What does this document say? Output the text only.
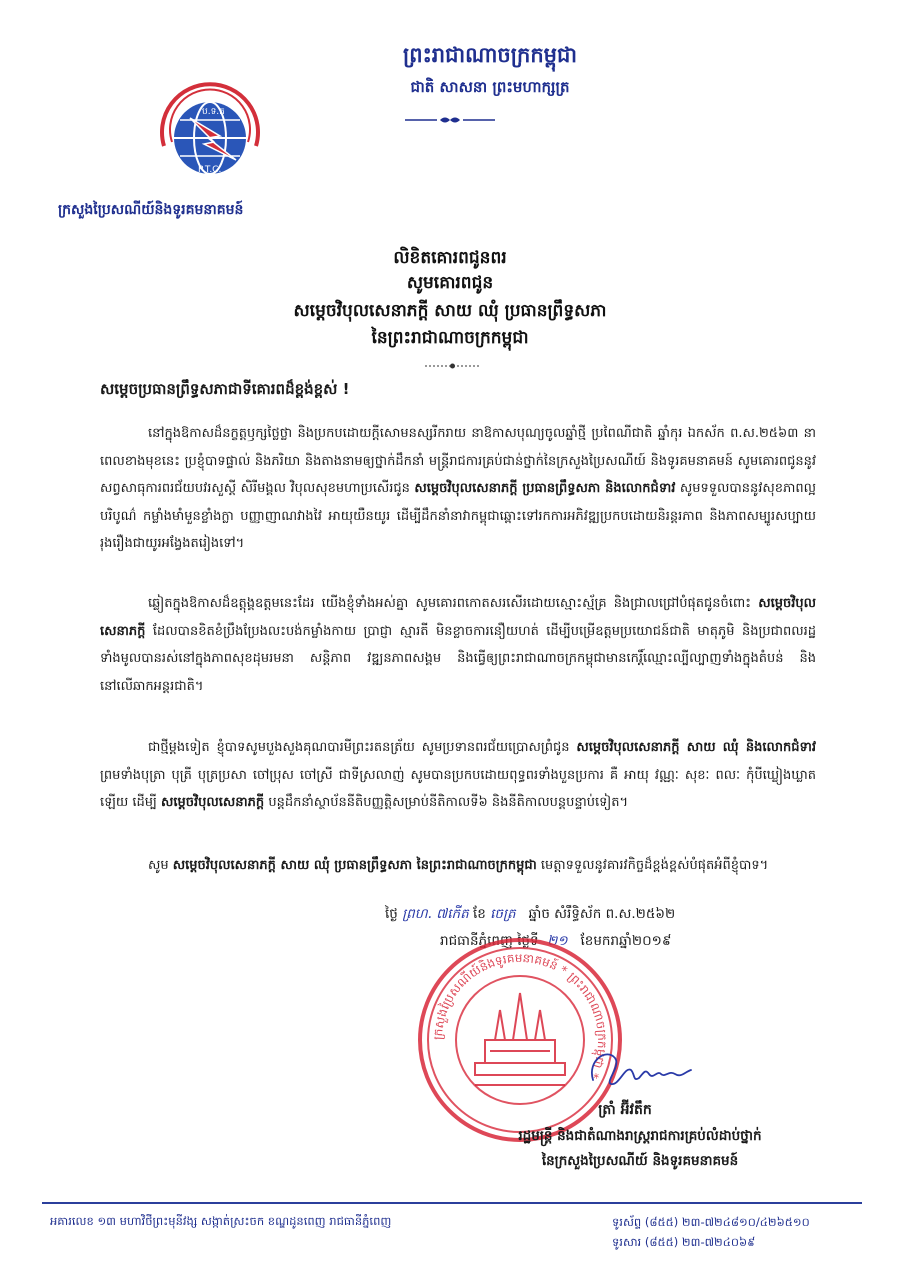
ព្រះរាជាណាចក្រកម្ពុជា
ជាតិ សាសនា ព្រះមហាក្សត្រ
ប.ទ.ក
P.T.C.
ក្រសួងប្រៃសណីយ៍និងទូរគមនាគមន៍
លិខិតគោរពជូនពរ
សូមគោរពជូន
សម្តេចវិបុលសេនាភក្តី សាយ ឈុំ ប្រធានព្រឹទ្ធសភា
នៃព្រះរាជាណាចក្រកម្ពុជា
សម្តេចប្រធានព្រឹទ្ធសភាជាទីគោរពដ៏ខ្ពង់ខ្ពស់ !
នៅក្នុងឱកាសដ៏នក្ខត្តឫក្សថ្លៃថ្លា និងប្រកបដោយក្តីសោមនស្សរីករាយ នាឱកាសបុណ្យចូលឆ្នាំថ្មី ប្រពៃណីជាតិ ឆ្នាំកុរ ឯកស័ក ព.ស.២៥៦៣ នាពេលខាងមុខនេះ ប្រខ្ញុំបាទផ្ទាល់ និងភរិយា និងតាងនាមឲ្យថ្នាក់ដឹកនាំ មន្ត្រីរាជការគ្រប់ជាន់ថ្នាក់នៃក្រសួងប្រៃសណីយ៍ និងទូរគមនាគមន៍ សូមគោរពជូននូវសព្វសាធុការពរជ័យបវរសួស្តី សិរីមង្គល វិបុលសុខមហាប្រសើរជូន សម្តេចវិបុលសេនាភក្តី ប្រធានព្រឹទ្ធសភា និងលោកជំទាវ សូមទទួលបាននូវសុខភាពល្អបរិបូណ៌ កម្លាំងមាំមួនខ្លាំងក្លា បញ្ញាញាណវាងវៃ អាយុយឺនយូរ ដើម្បីដឹកនាំនាវាកម្ពុជាឆ្ពោះទៅរកការអភិវឌ្ឍប្រកបដោយនិរន្តរភាព និងភាពសម្បូរសប្បាយរុងរឿងជាយូរអង្វែងតរៀងទៅ។
ឆ្លៀតក្នុងឱកាសដ៏ឧត្តុង្គឧត្តមនេះដែរ យើងខ្ញុំទាំងអស់គ្នា សូមគោរពកោតសរសើរដោយស្មោះស្ម័គ្រ និងជ្រាលជ្រៅបំផុតជូនចំពោះ សម្តេចវិបុលសេនាភក្តី ដែលបានខិតខំប្រឹងប្រែងលះបង់កម្លាំងកាយ ប្រាជ្ញា ស្មារតី មិនខ្លាចការនឿយហត់ ដើម្បីបម្រើឧត្តមប្រយោជន៍ជាតិ មាតុភូមិ និងប្រជាពលរដ្ឋទាំងមូលបានរស់នៅក្នុងភាពសុខដុមរមនា សន្តិភាព វឌ្ឍនភាពសង្គម និងធ្វើឲ្យព្រះរាជាណាចក្រកម្ពុជាមានកេរ្តិ៍ឈ្មោះល្បីល្បាញទាំងក្នុងតំបន់ និងនៅលើឆាកអន្តរជាតិ។
ជាថ្មីម្តងទៀត ខ្ញុំបាទសូមបួងសួងគុណបារមីព្រះរតនត្រ័យ សូមប្រទានពរជ័យប្រោសព្រំជូន សម្តេចវិបុលសេនាភក្តី សាយ ឈុំ និងលោកជំទាវ ព្រមទាំងបុត្រា បុត្រី បុត្រប្រសា ចៅប្រុស ចៅស្រី ជាទីស្រលាញ់ សូមបានប្រកបដោយពុទ្ធពរទាំងបួនប្រការ គឺ អាយុ វណ្ណៈ សុខៈ ពលៈ កុំបីឃ្លៀងឃ្លាតឡើយ ដើម្បី សម្តេចវិបុលសេនាភក្តី បន្តដឹកនាំស្ថាប័ននីតិបញ្ញត្តិសម្រាប់នីតិកាលទី៦ និងនីតិកាលបន្តបន្ទាប់ទៀត។
សូម សម្តេចវិបុលសេនាភក្តី សាយ ឈុំ ប្រធានព្រឹទ្ធសភា នៃព្រះរាជាណាចក្រកម្ពុជា មេត្តាទទួលនូវគារវកិច្ចដ៏ខ្ពង់ខ្ពស់បំផុតអំពីខ្ញុំបាទ។
ថ្ងៃ ព្រហ. ៧កើត ខែ ចេត្រ ឆ្នាំច សំរឹទ្ធិស័ក ព.ស.២៥៦២
រាជធានីភ្នំពេញ ថ្ងៃទី ២១ ខែមករាឆ្នាំ២០១៩
ក្រសួងប្រៃសណីយ៍និងទូរគមនាគមន៍ * ព្រះរាជាណាចក្រកម្ពុជា *
ត្រាំ អ៊ីវតឹក
រដ្ឋមន្ត្រី និងជាតំណាងរាស្ត្ររាជការគ្រប់លំដាប់ថ្នាក់
នៃក្រសួងប្រៃសណីយ៍ និងទូរគមនាគមន៍
អគារលេខ ១៣ មហាវិថីព្រះមុនីវង្ស សង្កាត់ស្រះចក ខណ្ឌដូនពេញ រាជធានីភ្នំពេញ	ទូរស័ព្ទ (៨៥៥) ២៣-៧២៤៨១០/៤២៦៥១០
ទូរសារ (៨៥៥) ២៣-៧២៤០៦៩
